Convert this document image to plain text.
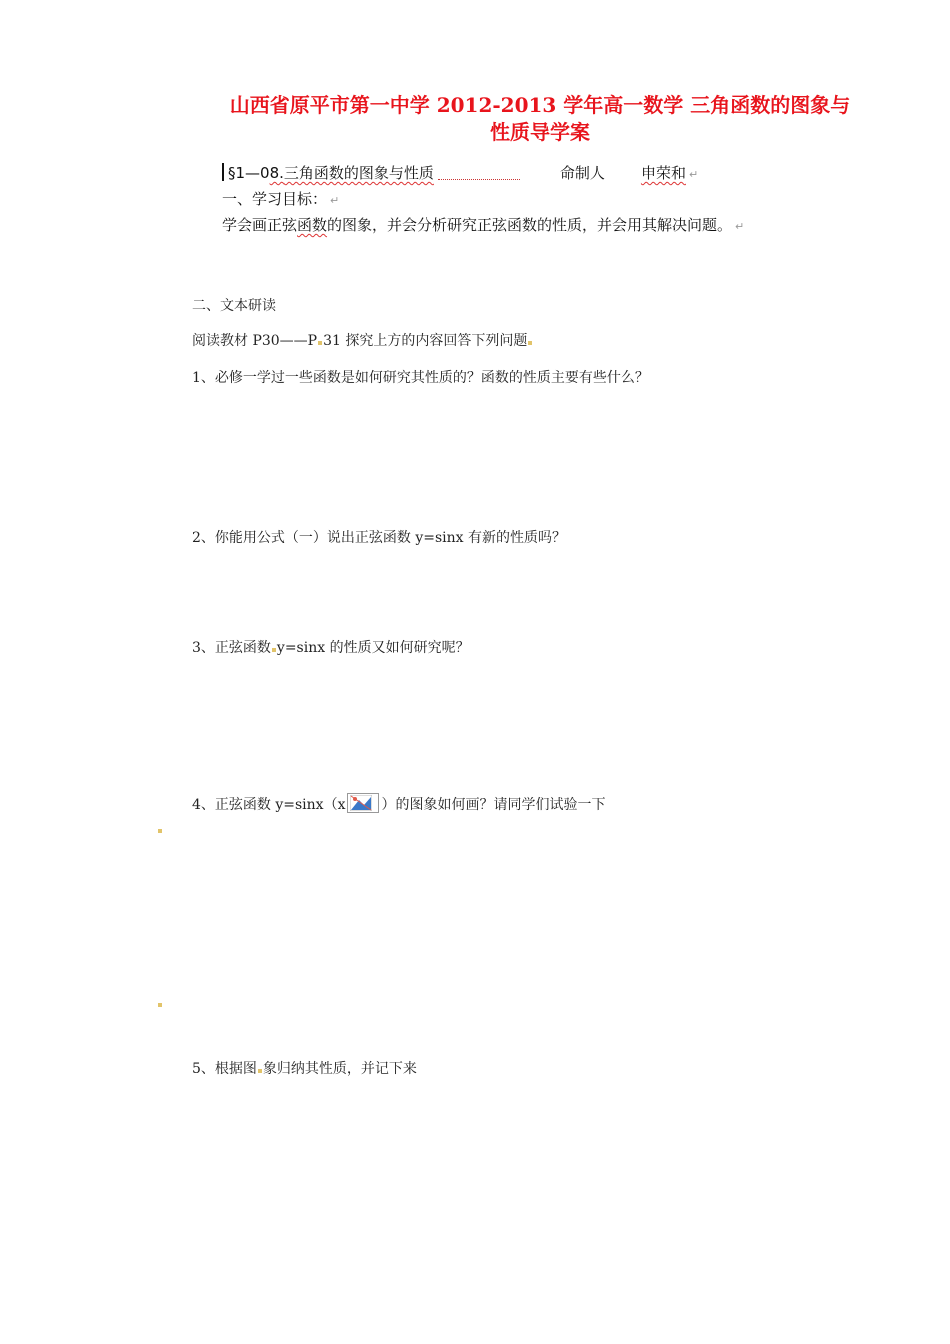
山西省原平市第一中学 2012-2013 学年高一数学 三角函数的图象与
性质导学案
§1—08.三角函数的图象与性质	命制人 申荣和 ↵
一、学习目标： ↵
学会画正弦函数的图象，并会分析研究正弦函数的性质，并会用其解决问题。 ↵
二、文本研读
阅读教材 P30——P 31 探究上方的内容回答下列问题
1、必修一学过一些函数是如何研究其性质的？函数的性质主要有些什么？
2、你能用公式（一）说出正弦函数 y=sinx 有新的性质吗？
3、正弦函数 y=sinx 的性质又如何研究呢？
4、正弦函数 y=sinx（x	）的图象如何画？请同学们试验一下
5、根据图 象归纳其性质，并记下来
